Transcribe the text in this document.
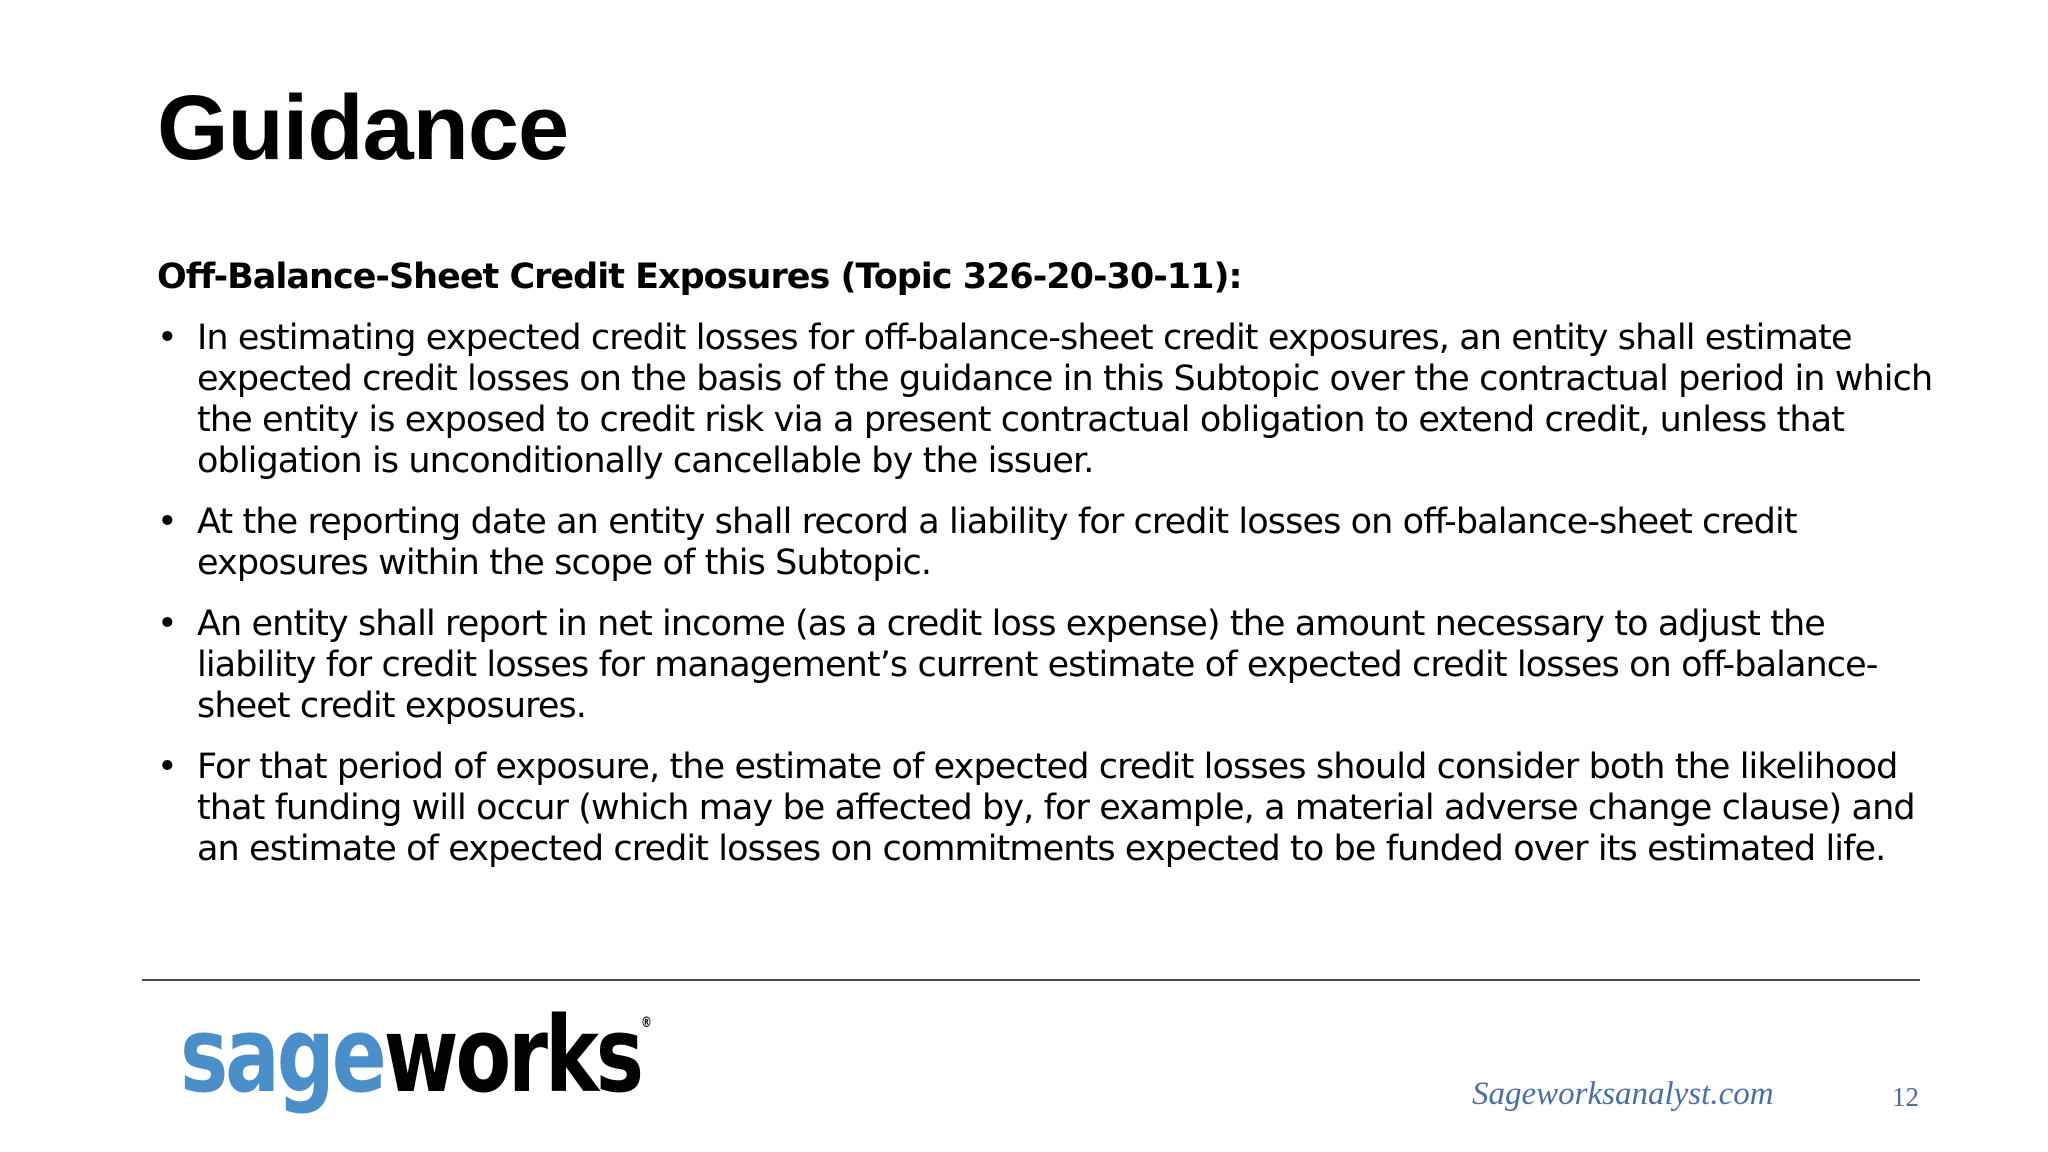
Guidance

Off-Balance-Sheet Credit Exposures (Topic 326-20-30-11):

• In estimating expected credit losses for off-balance-sheet credit exposures, an entity shall estimate expected credit losses on the basis of the guidance in this Subtopic over the contractual period in which the entity is exposed to credit risk via a present contractual obligation to extend credit, unless that obligation is unconditionally cancellable by the issuer.
• At the reporting date an entity shall record a liability for credit losses on off-balance-sheet credit exposures within the scope of this Subtopic.
• An entity shall report in net income (as a credit loss expense) the amount necessary to adjust the liability for credit losses for management’s current estimate of expected credit losses on off-balance-sheet credit exposures.
• For that period of exposure, the estimate of expected credit losses should consider both the likelihood that funding will occur (which may be affected by, for example, a material adverse change clause) and an estimate of expected credit losses on commitments expected to be funded over its estimated life.
sageworks®
Sageworksanalyst.com	12
